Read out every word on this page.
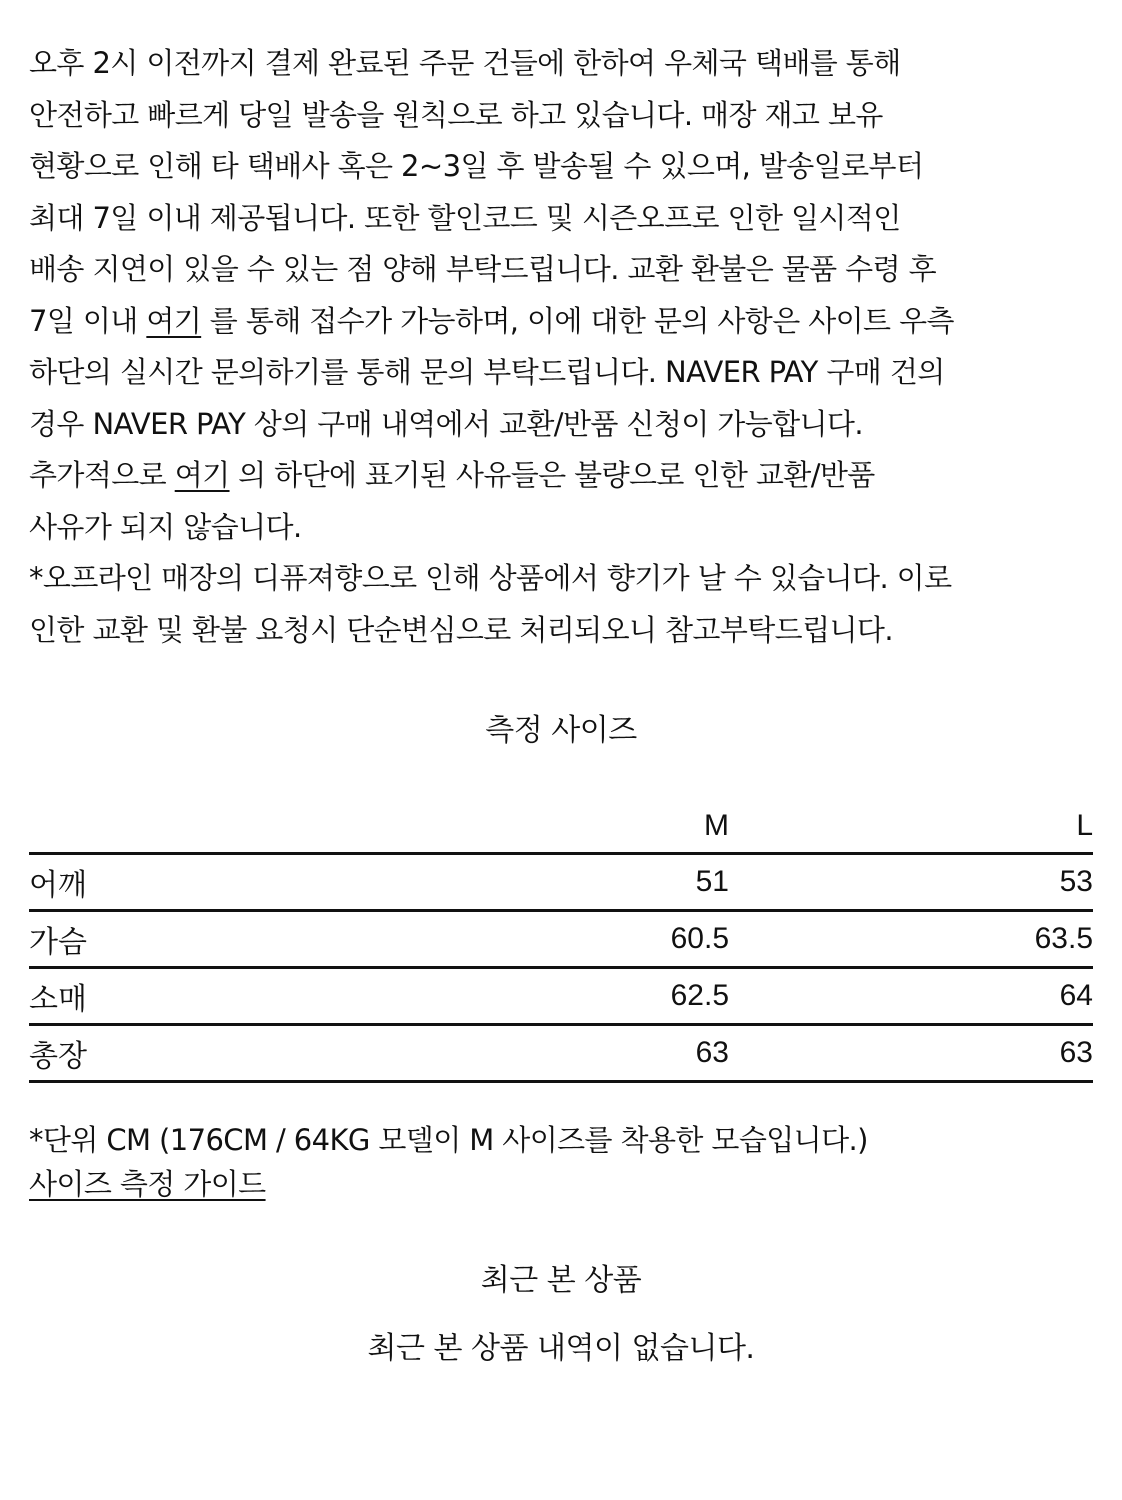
오후 2시 이전까지 결제 완료된 주문 건들에 한하여 우체국 택배를 통해
안전하고 빠르게 당일 발송을 원칙으로 하고 있습니다. 매장 재고 보유
현황으로 인해 타 택배사 혹은 2~3일 후 발송될 수 있으며, 발송일로부터
최대 7일 이내 제공됩니다. 또한 할인코드 및 시즌오프로 인한 일시적인
배송 지연이 있을 수 있는 점 양해 부탁드립니다. 교환 환불은 물품 수령 후
7일 이내 여기 를 통해 접수가 가능하며, 이에 대한 문의 사항은 사이트 우측
하단의 실시간 문의하기를 통해 문의 부탁드립니다. NAVER PAY 구매 건의
경우 NAVER PAY 상의 구매 내역에서 교환/반품 신청이 가능합니다.
추가적으로 여기 의 하단에 표기된 사유들은 불량으로 인한 교환/반품
사유가 되지 않습니다.
*오프라인 매장의 디퓨져향으로 인해 상품에서 향기가 날 수 있습니다. 이로
인한 교환 및 환불 요청시 단순변심으로 처리되오니 참고부탁드립니다.
측정 사이즈
	M	L
어깨	51	53
가슴	60.5	63.5
소매	62.5	64
총장	63	63
*단위 CM (176CM / 64KG 모델이 M 사이즈를 착용한 모습입니다.)
사이즈 측정 가이드
최근 본 상품
최근 본 상품 내역이 없습니다.
